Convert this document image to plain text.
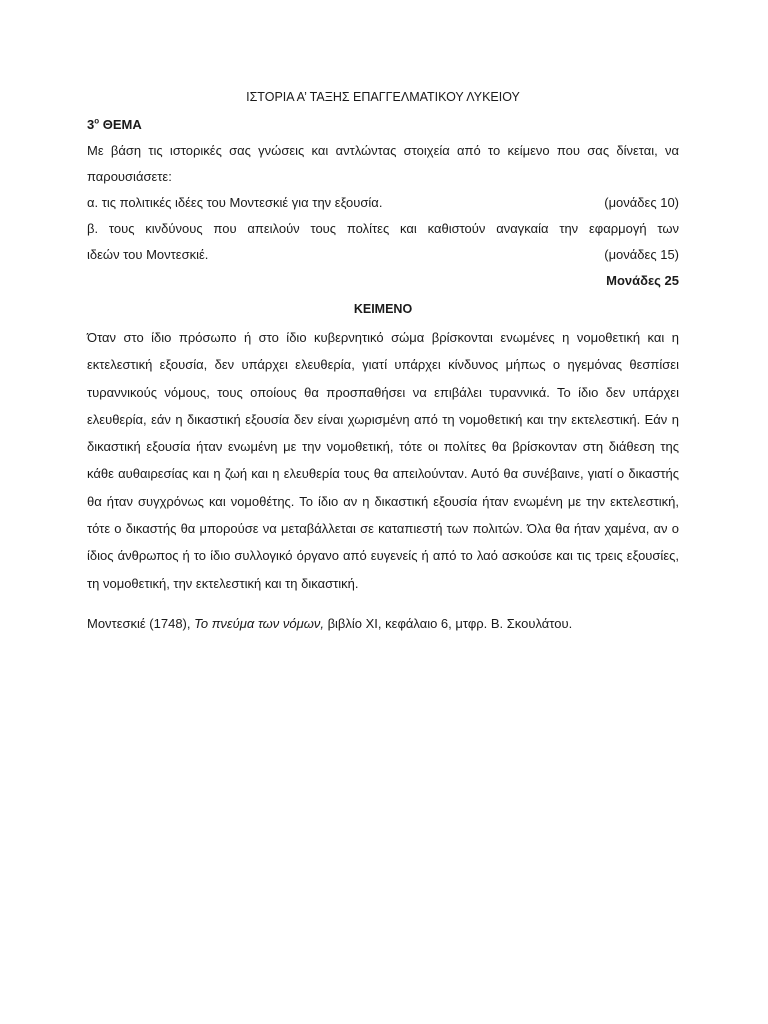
ΙΣΤΟΡΙΑ Α’ ΤΑΞΗΣ ΕΠΑΓΓΕΛΜΑΤΙΚΟΥ ΛΥΚΕΙΟΥ
$3^o$ ΘΕΜΑ

Με βάση τις ιστορικές σας γνώσεις και αντλώντας στοιχεία από το κείμενο που σας δίνεται, να παρουσιάσετε:

α. τις πολιτικές ιδέες του Μοντεσκιέ για την εξουσία.	(μονάδες 10)
β. τους κινδύνους που απειλούν τους πολίτες και καθιστούν αναγκαία την εφαρμογή των
ιδεών του Μοντεσκιέ.	(μονάδες 15)
Μονάδες 25
ΚΕΙΜΕΝΟ

Όταν στο ίδιο πρόσωπο ή στο ίδιο κυβερνητικό σώμα βρίσκονται ενωμένες η νομοθετική και η εκτελεστική εξουσία, δεν υπάρχει ελευθερία, γιατί υπάρχει κίνδυνος μήπως ο ηγεμόνας θεσπίσει τυραννικούς νόμους, τους οποίους θα προσπαθήσει να επιβάλει τυραννικά. Το ίδιο δεν υπάρχει ελευθερία, εάν η δικαστική εξουσία δεν είναι χωρισμένη από τη νομοθετική και την εκτελεστική. Εάν η δικαστική εξουσία ήταν ενωμένη με την νομοθετική, τότε οι πολίτες θα βρίσκονταν στη διάθεση της κάθε αυθαιρεσίας και η ζωή και η ελευθερία τους θα απειλούνταν. Αυτό θα συνέβαινε, γιατί ο δικαστής θα ήταν συγχρόνως και νομοθέτης. Το ίδιο αν η δικαστική εξουσία ήταν ενωμένη με την εκτελεστική, τότε ο δικαστής θα μπορούσε να μεταβάλλεται σε καταπιεστή των πολιτών. Όλα θα ήταν χαμένα, αν ο ίδιος άνθρωπος ή το ίδιο συλλογικό όργανο από ευγενείς ή από το λαό ασκούσε και τις τρεις εξουσίες, τη νομοθετική, την εκτελεστική και τη δικαστική.

Μοντεσκιέ (1748), Το πνεύμα των νόμων, βιβλίο XI, κεφάλαιο 6, μτφρ. Β. Σκουλάτου.
